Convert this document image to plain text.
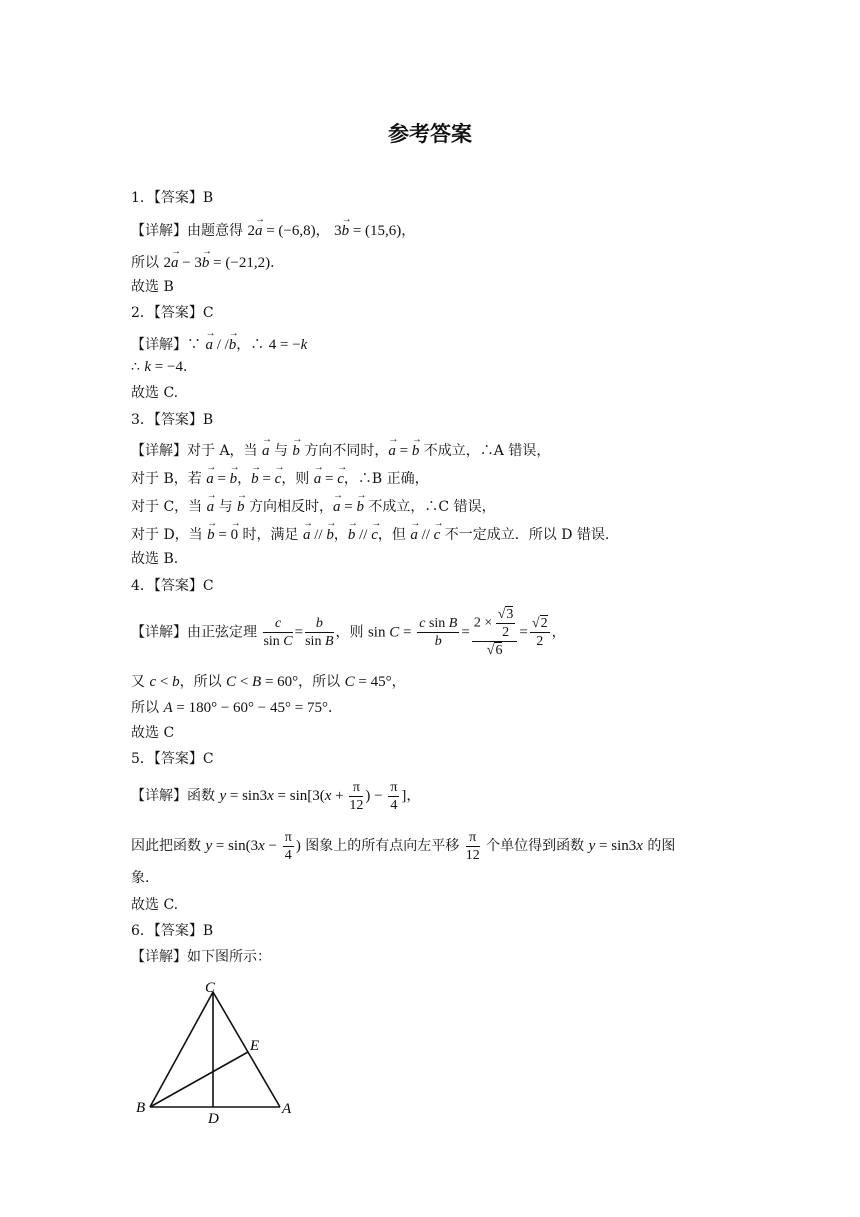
参考答案
1．【答案】B
【详解】由题意得 2→ a = (−6,8)， 3→ b = (15,6)，
所以 2→ a − 3→ b = (−21,2)．
故选 B
2．【答案】C
【详解】∵ → a / /→ b，∴ 4 = −k
∴ k = −4．
故选 C.
3．【答案】B
【详解】对于 A，当 → a 与 → b 方向不同时，→ a = → b 不成立，∴A 错误，
对于 B，若 → a = → b，→ b = → c，则 → a = → c，∴B 正确，
对于 C，当 → a 与 → b 方向相反时，→ a = → b 不成立，∴C 错误，
对于 D，当 → b = → 0 时，满足 → a // → b，→ b // → c，但 → a // → c 不一定成立．所以 D 错误.
故选 B.
4．【答案】C
【详解】由正弦定理 $\frac{c}{\text{sin C}} = \frac{b}{\text{sin B}}$ ，则 $\sin C = \frac{\text{c sin B}}{b} = \frac{2 \times \frac{√3}{2}}{√6} = \frac{√2}{2}$ ，
又 c < b，所以 C < B = 60°，所以 C = 45°，
所以 A = 180° − 60° − 45° = 75°．
故选 C
5．【答案】C
【详解】函数 $y = \sin 3x = \sin[3(x + \frac{\pi}{12}$ ) − $\frac{\pi}{4}$ ]，
因此把函数 $y = \sin(3x - \frac{\pi}{4}$ ) 图象上的所有点向左平移 $\frac{\pi}{12}$ 个单位得到函数 y = sin3x 的图
象.
故选 C.
6．【答案】B
【详解】如下图所示：
C
E
B
D
A
